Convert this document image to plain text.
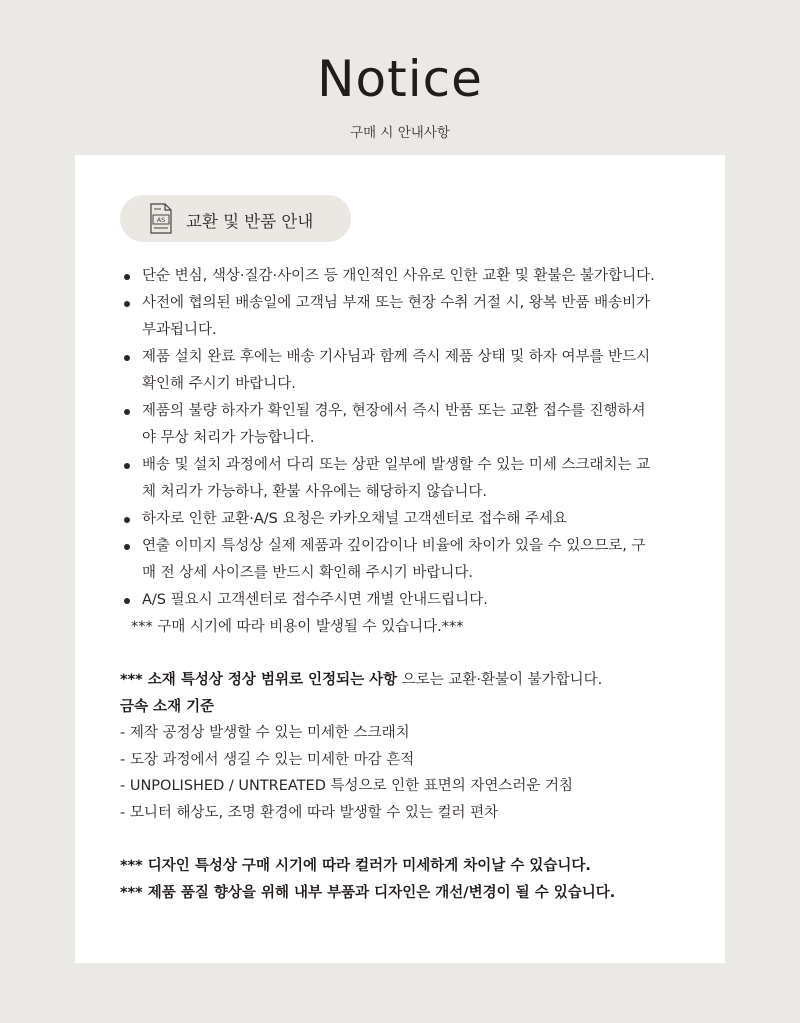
Notice
구매 시 안내사항
AS 교환 및 반품 안내
단순 변심, 색상·질감·사이즈 등 개인적인 사유로 인한 교환 및 환불은 불가합니다.
사전에 협의된 배송일에 고객님 부재 또는 현장 수취 거절 시, 왕복 반품 배송비가
부과됩니다.
제품 설치 완료 후에는 배송 기사님과 함께 즉시 제품 상태 및 하자 여부를 반드시
확인해 주시기 바랍니다.
제품의 불량 하자가 확인될 경우, 현장에서 즉시 반품 또는 교환 접수를 진행하셔
야 무상 처리가 가능합니다.
배송 및 설치 과정에서 다리 또는 상판 일부에 발생할 수 있는 미세 스크래치는 교
체 처리가 가능하나, 환불 사유에는 해당하지 않습니다.
하자로 인한 교환·A/S 요청은 카카오채널 고객센터로 접수해 주세요
연출 이미지 특성상 실제 제품과 깊이감이나 비율에 차이가 있을 수 있으므로, 구
매 전 상세 사이즈를 반드시 확인해 주시기 바랍니다.
A/S 필요시 고객센터로 접수주시면 개별 안내드립니다.
*** 구매 시기에 따라 비용이 발생될 수 있습니다.***
*** 소재 특성상 정상 범위로 인정되는 사항 으로는 교환·환불이 불가합니다.
금속 소재 기준
- 제작 공정상 발생할 수 있는 미세한 스크래치
- 도장 과정에서 생길 수 있는 미세한 마감 흔적
- UNPOLISHED / UNTREATED 특성으로 인한 표면의 자연스러운 거침
- 모니터 해상도, 조명 환경에 따라 발생할 수 있는 컬러 편차
*** 디자인 특성상 구매 시기에 따라 컬러가 미세하게 차이날 수 있습니다.
*** 제품 품질 향상을 위해 내부 부품과 디자인은 개선/변경이 될 수 있습니다.
